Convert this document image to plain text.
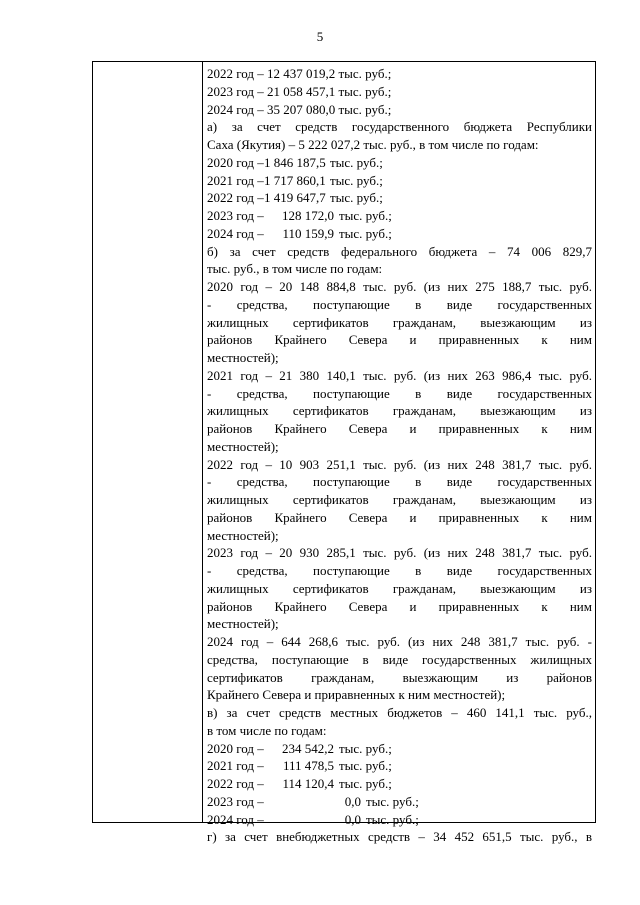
5
2022 год – 12 437 019,2 тыс. руб.;
2023 год – 21 058 457,1 тыс. руб.;
2024 год – 35 207 080,0 тыс. руб.;
а) за счет средств государственного бюджета Республики
Саха (Якутия) – 5 222 027,2 тыс. руб., в том числе по годам:
2020 год – 1 846 187,5 тыс. руб.;
2021 год – 1 717 860,1 тыс. руб.;
2022 год – 1 419 647,7 тыс. руб.;
2023 год –	128 172,0 тыс. руб.;
2024 год –	110 159,9 тыс. руб.;
б) за счет средств федерального бюджета – 74 006 829,7
тыс. руб., в том числе по годам:
2020 год – 20 148 884,8 тыс. руб. (из них 275 188,7 тыс. руб.
- средства, поступающие в виде государственных
жилищных сертификатов гражданам, выезжающим из
районов Крайнего Севера и приравненных к ним
местностей);
2021 год – 21 380 140,1 тыс. руб. (из них 263 986,4 тыс. руб.
- средства, поступающие в виде государственных
жилищных сертификатов гражданам, выезжающим из
районов Крайнего Севера и приравненных к ним
местностей);
2022 год – 10 903 251,1 тыс. руб. (из них 248 381,7 тыс. руб.
- средства, поступающие в виде государственных
жилищных сертификатов гражданам, выезжающим из
районов Крайнего Севера и приравненных к ним
местностей);
2023 год – 20 930 285,1 тыс. руб. (из них 248 381,7 тыс. руб.
- средства, поступающие в виде государственных
жилищных сертификатов гражданам, выезжающим из
районов Крайнего Севера и приравненных к ним
местностей);
2024 год – 644 268,6 тыс. руб. (из них 248 381,7 тыс. руб. -
средства, поступающие в виде государственных жилищных
сертификатов гражданам, выезжающим из районов
Крайнего Севера и приравненных к ним местностей);
в) за счет средств местных бюджетов – 460 141,1 тыс. руб.,
в том числе по годам:
2020 год –	234 542,2 тыс. руб.;
2021 год –	111 478,5 тыс. руб.;
2022 год –	114 120,4 тыс. руб.;
2023 год –	0,0 тыс. руб.;
2024 год –	0,0 тыс. руб.;
г) за счет внебюджетных средств – 34 452 651,5 тыс. руб., в
